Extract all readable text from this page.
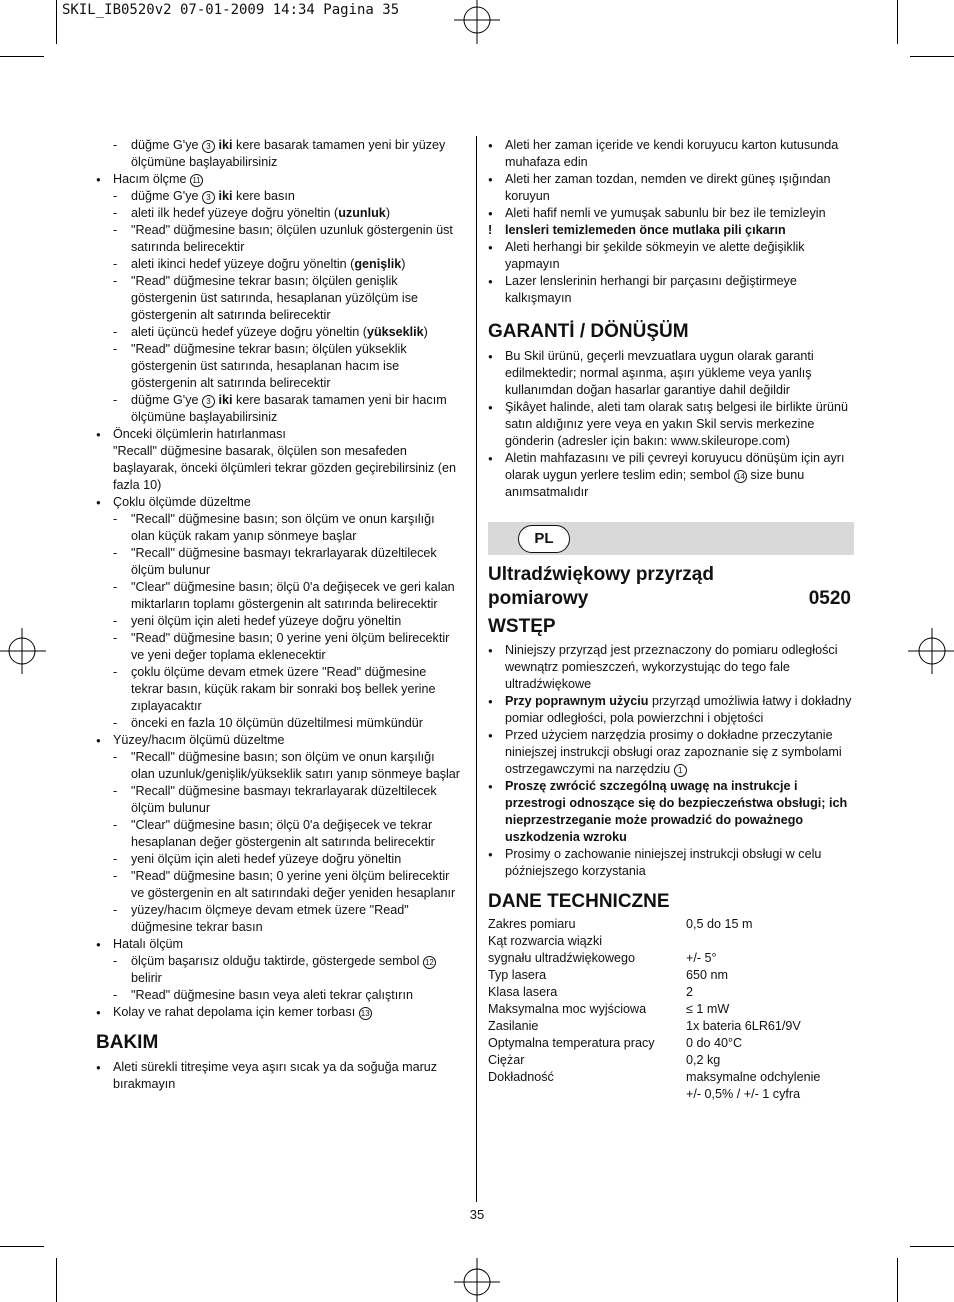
SKIL_IB0520v2 07-01-2009 14:34 Pagina 35
- düğme G'ye 3 iki kere basarak tamamen yeni bir yüzey ölçümüne başlayabilirsiniz
● Hacım ölçme 11
- düğme G'ye 3 iki kere basın
- aleti ilk hedef yüzeye doğru yöneltin (uzunluk)
- "Read" düğmesine basın; ölçülen uzunluk göstergenin üst satırında belirecektir
- aleti ikinci hedef yüzeye doğru yöneltin (genişlik)
- "Read" düğmesine tekrar basın; ölçülen genişlik göstergenin üst satırında, hesaplanan yüzölçüm ise göstergenin alt satırında belirecektir
- aleti üçüncü hedef yüzeye doğru yöneltin (yükseklik)
- "Read" düğmesine tekrar basın; ölçülen yükseklik göstergenin üst satırında, hesaplanan hacım ise göstergenin alt satırında belirecektir
- düğme G'ye 3 iki kere basarak tamamen yeni bir hacım ölçümüne başlayabilirsiniz
● Önceki ölçümlerin hatırlanması
"Recall" düğmesine basarak, ölçülen son mesafeden başlayarak, önceki ölçümleri tekrar gözden geçirebilirsiniz (en fazla 10)
● Çoklu ölçümde düzeltme
- "Recall" düğmesine basın; son ölçüm ve onun karşılığı olan küçük rakam yanıp sönmeye başlar
- "Recall" düğmesine basmayı tekrarlayarak düzeltilecek ölçüm bulunur
- "Clear" düğmesine basın; ölçü 0'a değişecek ve geri kalan miktarların toplamı göstergenin alt satırında belirecektir
- yeni ölçüm için aleti hedef yüzeye doğru yöneltin
- "Read" düğmesine basın; 0 yerine yeni ölçüm belirecektir ve yeni değer toplama eklenecektir
- çoklu ölçüme devam etmek üzere "Read" düğmesine tekrar basın, küçük rakam bir sonraki boş bellek yerine zıplayacaktır
- önceki en fazla 10 ölçümün düzeltilmesi mümkündür
● Yüzey/hacım ölçümü düzeltme
- "Recall" düğmesine basın; son ölçüm ve onun karşılığı olan uzunluk/genişlik/yükseklik satırı yanıp sönmeye başlar
- "Recall" düğmesine basmayı tekrarlayarak düzeltilecek ölçüm bulunur
- "Clear" düğmesine basın; ölçü 0'a değişecek ve tekrar hesaplanan değer göstergenin alt satırında belirecektir
- yeni ölçüm için aleti hedef yüzeye doğru yöneltin
- "Read" düğmesine basın; 0 yerine yeni ölçüm belirecektir ve göstergenin en alt satırındaki değer yeniden hesaplanır
- yüzey/hacım ölçmeye devam etmek üzere "Read" düğmesine tekrar basın
● Hatalı ölçüm
- ölçüm başarısız olduğu taktirde, göstergede sembol 12 belirir
- "Read" düğmesine basın veya aleti tekrar çalıştırın
● Kolay ve rahat depolama için kemer torbası 13
BAKIM
● Aleti sürekli titreşime veya aşırı sıcak ya da soğuğa maruz bırakmayın
● Aleti her zaman içeride ve kendi koruyucu karton kutusunda muhafaza edin
● Aleti her zaman tozdan, nemden ve direkt güneş ışığından koruyun
● Aleti hafif nemli ve yumuşak sabunlu bir bez ile temizleyin
! lensleri temizlemeden önce mutlaka pili çıkarın
● Aleti herhangi bir şekilde sökmeyin ve alette değişiklik yapmayın
● Lazer lenslerinin herhangi bir parçasını değiştirmeye kalkışmayın
GARANTİ / DÖNÜŞÜM
● Bu Skil ürünü, geçerli mevzuatlara uygun olarak garanti edilmektedir; normal aşınma, aşırı yükleme veya yanlış kullanımdan doğan hasarlar garantiye dahil değildir
● Şikâyet halinde, aleti tam olarak satış belgesi ile birlikte ürünü satın aldığınız yere veya en yakın Skil servis merkezine gönderin (adresler için bakın: www.skileurope.com)
● Aletin mahfazasını ve pili çevreyi koruyucu dönüşüm için ayrı olarak uygun yerlere teslim edin; sembol 14 size bunu anımsatmalıdır
PL
Ultradźwiękowy przyrząd
pomiarowy	0520
WSTĘP
● Niniejszy przyrząd jest przeznaczony do pomiaru odległości wewnątrz pomieszczeń, wykorzystując do tego fale ultradźwiękowe
● Przy poprawnym użyciu przyrząd umożliwia łatwy i dokładny pomiar odległości, pola powierzchni i objętości
● Przed użyciem narzędzia prosimy o dokładne przeczytanie niniejszej instrukcji obsługi oraz zapoznanie się z symbolami ostrzegawczymi na narzędziu 1
● Proszę zwrócić szczególną uwagę na instrukcje i przestrogi odnoszące się do bezpieczeństwa obsługi; ich nieprzestrzeganie może prowadzić do poważnego uszkodzenia wzroku
● Prosimy o zachowanie niniejszej instrukcji obsługi w celu późniejszego korzystania
DANE TECHNICZNE
Zakres pomiaru	0,5 do 15 m
Kąt rozwarcia wiązki
sygnału ultradźwiękowego	+/- 5°
Typ lasera	650 nm
Klasa lasera	2
Maksymalna moc wyjściowa	≤ 1 mW
Zasilanie	1x bateria 6LR61/9V
Optymalna temperatura pracy	0 do 40°C
Ciężar	0,2 kg
Dokładność	maksymalne odchylenie
+/- 0,5% / +/- 1 cyfra
35
